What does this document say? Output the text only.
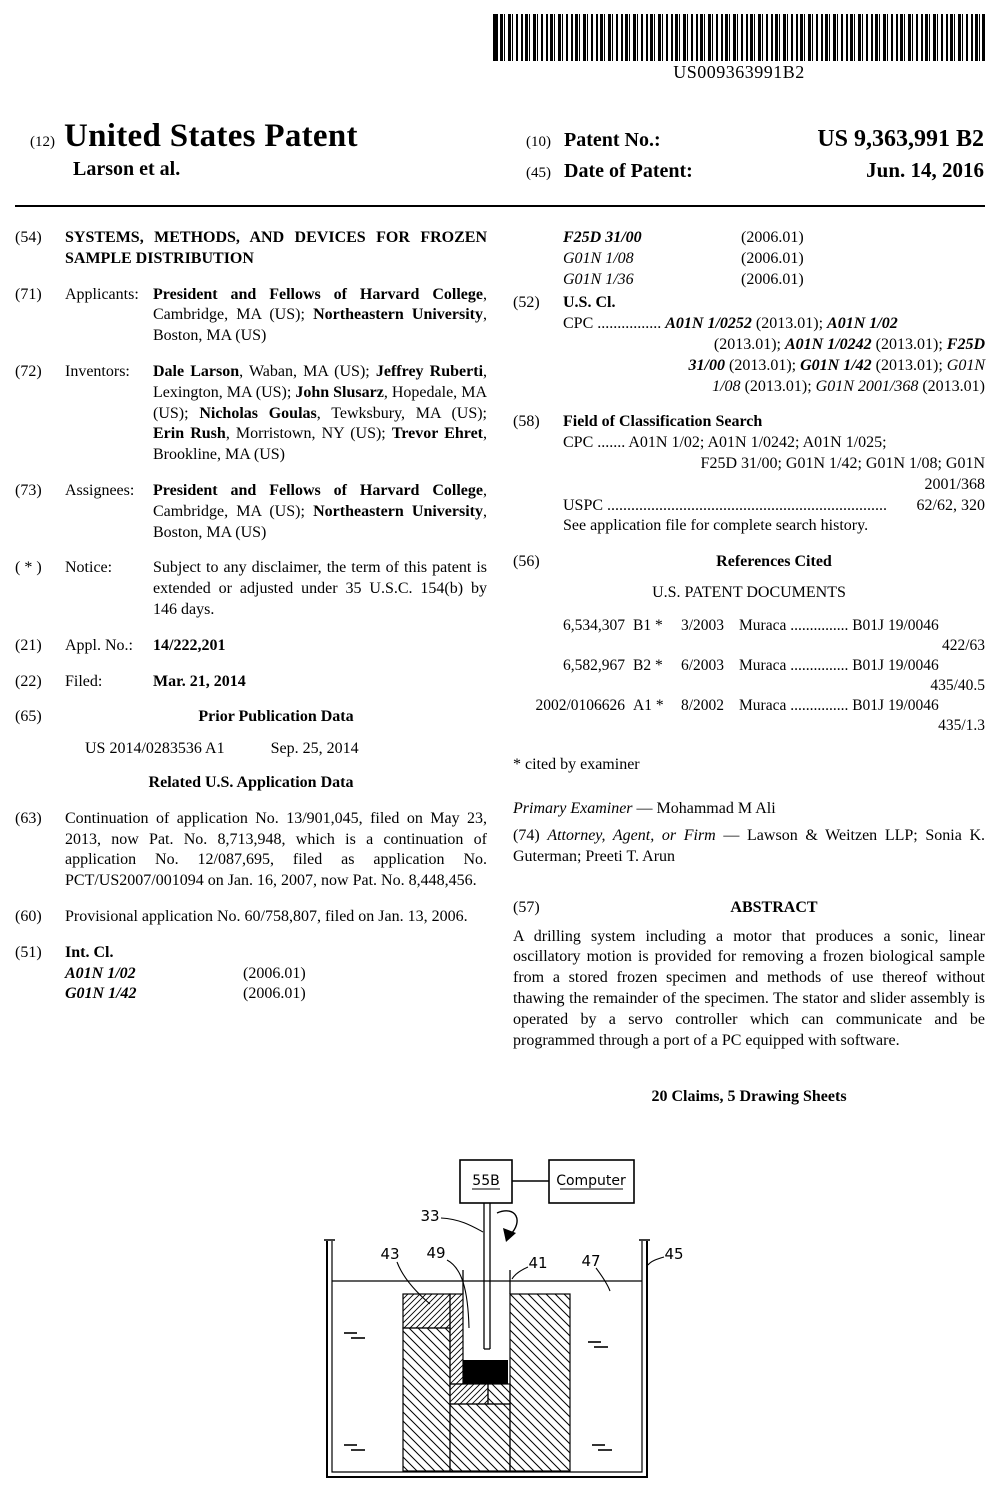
US009363991B2
(12) United States Patent
Larson et al.
(10)
Patent No.:	US 9,363,991 B2
(45)
Date of Patent:	Jun. 14, 2016
(54)	SYSTEMS, METHODS, AND DEVICES FOR FROZEN SAMPLE DISTRIBUTION
(71)	Applicants: President and Fellows of Harvard College, Cambridge, MA (US); Northeastern University, Boston, MA (US)
(72)	Inventors:	Dale Larson, Waban, MA (US); Jeffrey Ruberti, Lexington, MA (US); John Slusarz, Hopedale, MA (US); Nicholas Goulas, Tewksbury, MA (US); Erin Rush, Morristown, NY (US); Trevor Ehret, Brookline, MA (US)
(73)	Assignees:	President and Fellows of Harvard College, Cambridge, MA (US); Northeastern University, Boston, MA (US)
( * )	Notice:	Subject to any disclaimer, the term of this patent is extended or adjusted under 35 U.S.C. 154(b) by 146 days.
(21)	Appl. No.:	14/222,201
(22)	Filed:	Mar. 21, 2014
(65)	Prior Publication Data
US 2014/0283536 A1	Sep. 25, 2014
Related U.S. Application Data
(63)	Continuation of application No. 13/901,045, filed on May 23, 2013, now Pat. No. 8,713,948, which is a continuation of application No. 12/087,695, filed as application No. PCT/US2007/001094 on Jan. 16, 2007, now Pat. No. 8,448,456.
(60)	Provisional application No. 60/758,807, filed on Jan. 13, 2006.
(51)	Int. Cl.
A01N 1/02	(2006.01)
G01N 1/42	(2006.01)
F25D 31/00	(2006.01)
G01N 1/08	(2006.01)
G01N 1/36	(2006.01)
(52)	U.S. Cl.
CPC ................ A01N 1/0252 (2013.01); A01N 1/02
(2013.01); A01N 1/0242 (2013.01); F25D
31/00 (2013.01); G01N 1/42 (2013.01); G01N
1/08 (2013.01); G01N 2001/368 (2013.01)
(58)	Field of Classification Search
CPC ....... A01N 1/02; A01N 1/0242; A01N 1/025;
F25D 31/00; G01N 1/42; G01N 1/08; G01N
2001/368
USPC ......................................................................	62/62, 320
See application file for complete search history.
(56)	References Cited
U.S. PATENT DOCUMENTS
6,534,307 B1 *	3/2003 Muraca ............... B01J 19/0046
422/63
6,582,967 B2 *	6/2003 Muraca ............... B01J 19/0046
435/40.5
2002/0106626 A1 *	8/2002 Muraca ............... B01J 19/0046
435/1.3
* cited by examiner
Primary Examiner — Mohammad M Ali
(74) Attorney, Agent, or Firm — Lawson & Weitzen LLP; Sonia K. Guterman; Preeti T. Arun
(57)	ABSTRACT
A drilling system including a motor that produces a sonic, linear oscillatory motion is provided for removing a frozen biological sample from a stored frozen specimen and methods of use thereof without thawing the remainder of the specimen. The stator and slider assembly is operated by a servo controller which can communicate and be programmed through a port of a PC equipped with software.
20 Claims, 5 Drawing Sheets
55B	Computer
33
43 49
41 47	45
